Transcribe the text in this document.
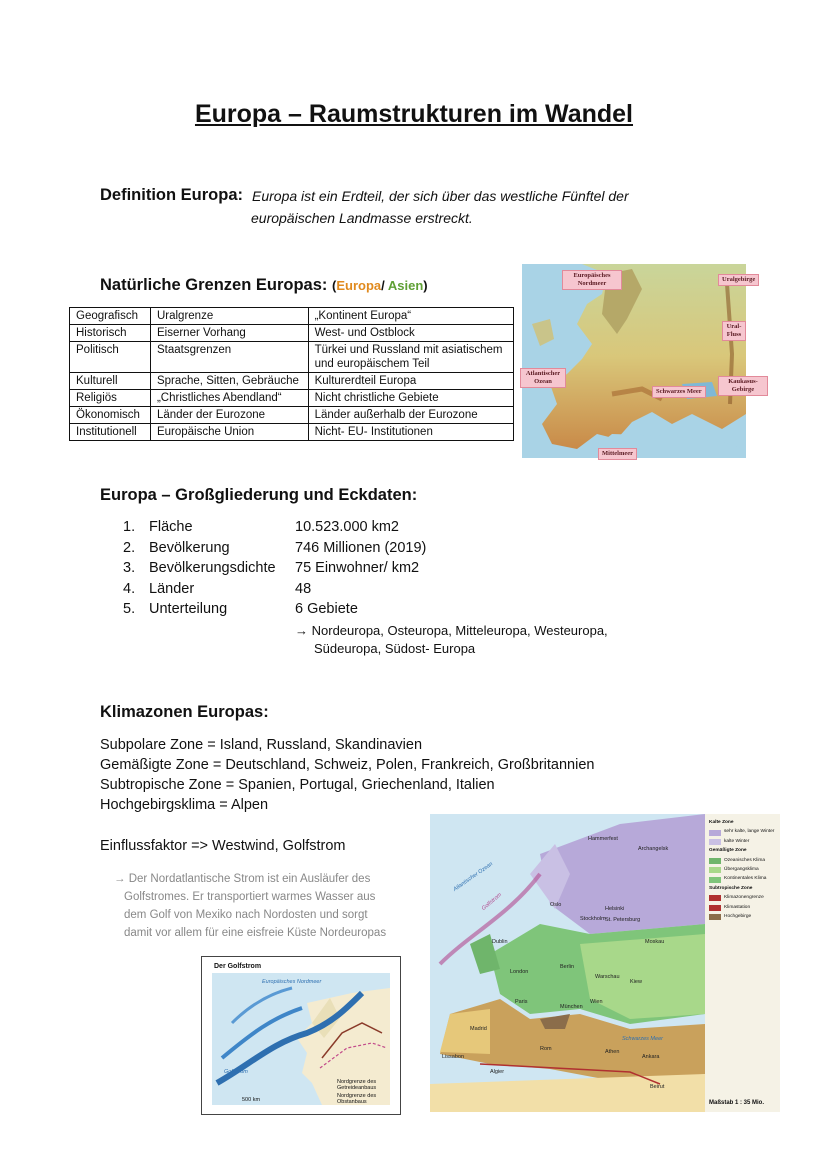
Europa – Raumstrukturen im Wandel
Definition Europa: Europa ist ein Erdteil, der sich über das westliche Fünftel der
europäischen Landmasse erstreckt.
Natürliche Grenzen Europas: (Europa/ Asien)
Geografisch	Uralgrenze	„Kontinent Europa“
Historisch	Eiserner Vorhang	West- und Ostblock
Politisch	Staatsgrenzen	Türkei und Russland mit asiatischem und europäischem Teil
Kulturell	Sprache, Sitten, Gebräuche	Kulturerdteil Europa
Religiös	„Christliches Abendland“	Nicht christliche Gebiete
Ökonomisch	Länder der Eurozone	Länder außerhalb der Eurozone
Institutionell	Europäische Union	Nicht- EU- Institutionen
Europäisches Nordmeer
Uralgebirge
Ural-Fluss
Atlantischer Ozean
Schwarzes Meer
Kaukasus-Gebirge
Mittelmeer
Europa – Großgliederung und Eckdaten:
1. Fläche	10.523.000 km2
2. Bevölkerung	746 Millionen (2019)
3. Bevölkerungsdichte 75 Einwohner/ km2
4. Länder	48
5. Unterteilung	6 Gebiete
→ Nordeuropa, Osteuropa, Mitteleuropa, Westeuropa,
Südeuropa, Südost- Europa
Klimazonen Europas:
Subpolare Zone = Island, Russland, Skandinavien
Gemäßigte Zone = Deutschland, Schweiz, Polen, Frankreich, Großbritannien
Subtropische Zone = Spanien, Portugal, Griechenland, Italien
Hochgebirgsklima = Alpen
Einflussfaktor => Westwind, Golfstrom
→ Der Nordatlantische Strom ist ein Ausläufer des
Golfstromes. Er transportiert warmes Wasser aus
dem Golf von Mexiko nach Nordosten und sorgt
damit vor allem für eine eisfreie Küste Nordeuropas
Der Golfstrom
Europäisches Nordmeer
Golfstrom
500 km
Nordgrenze des Getreideanbaus
Nordgrenze des Obstanbaus
Kalte Zone
sehr kalte, lange Winter
kalte Winter
Gemäßigte Zone
Ozeanisches Klima
Übergangsklima
Kontinentales Klima
Subtropische Zone
Klimazonengrenze
Klimastation
Hochgebirge
Maßstab 1 : 35 Mio.
Atlantischer Ozean
Golfstrom
Schwarzes Meer
Hammerfest
Archangelsk
Oslo
Helsinki
Stockholm St. Petersburg
Moskau
Dublin
London
Berlin
Warschau
Kiew
Paris
München
Wien
Madrid
Lissabon
Rom	Athen
Ankara
Algier
Beirut
